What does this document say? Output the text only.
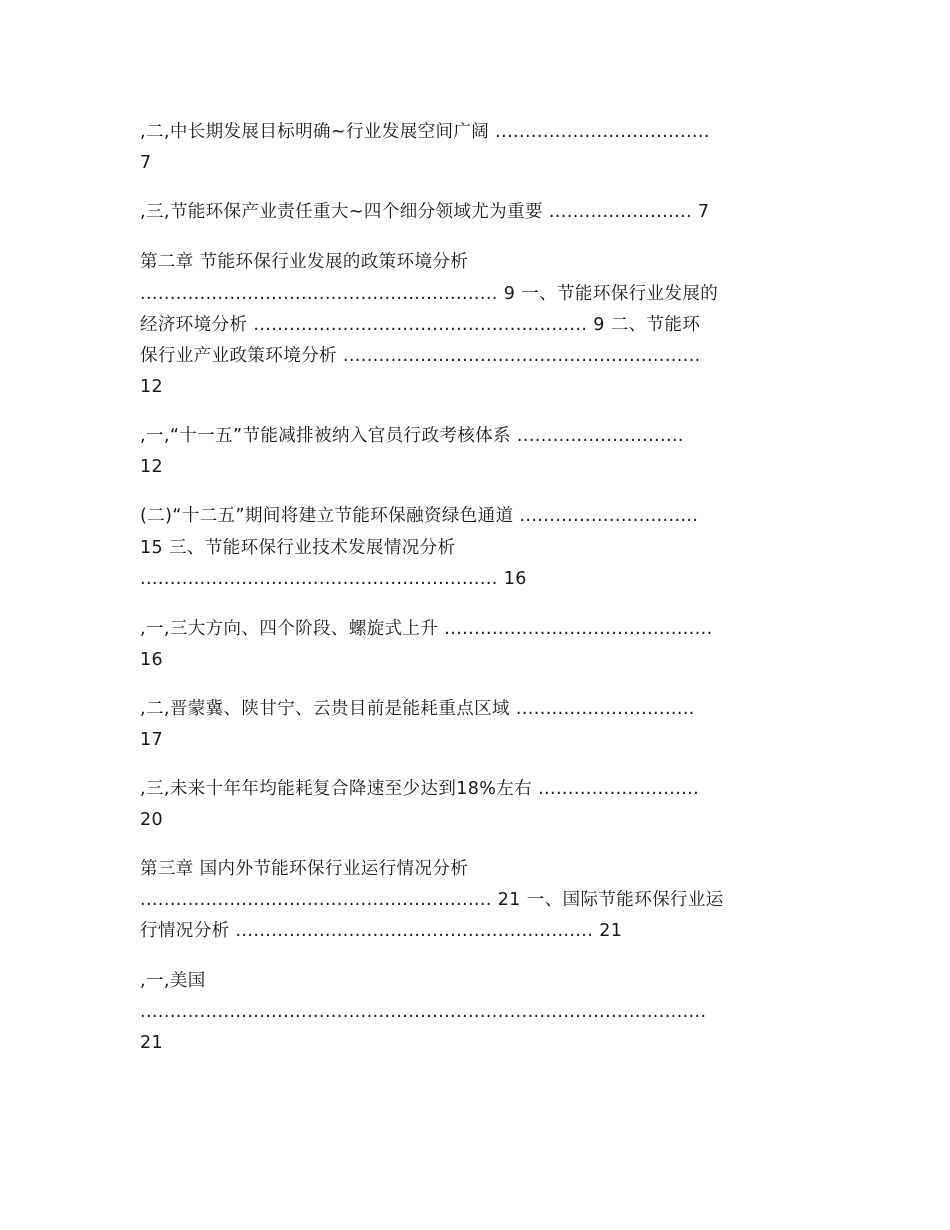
,二,中长期发展目标明确~行业发展空间广阔 ....................................
7
,三,节能环保产业责任重大~四个细分领域尤为重要 ........................ 7
第二章 节能环保行业发展的政策环境分析
............................................................ 9 一、节能环保行业发展的
经济环境分析 ........................................................ 9 二、节能环
保行业产业政策环境分析 ............................................................
12
,一,“十一五”节能减排被纳入官员行政考核体系 ............................
12
(二)“十二五”期间将建立节能环保融资绿色通道 ..............................
15 三、节能环保行业技术发展情况分析
............................................................ 16
,一,三大方向、四个阶段、螺旋式上升 .............................................
16
,二,晋蒙冀、陕甘宁、云贵目前是能耗重点区域 ..............................
17
,三,未来十年年均能耗复合降速至少达到18%左右 ...........................
20
第三章 国内外节能环保行业运行情况分析
........................................................... 21 一、国际节能环保行业运
行情况分析 ............................................................ 21
,一,美国
...............................................................................................
21
